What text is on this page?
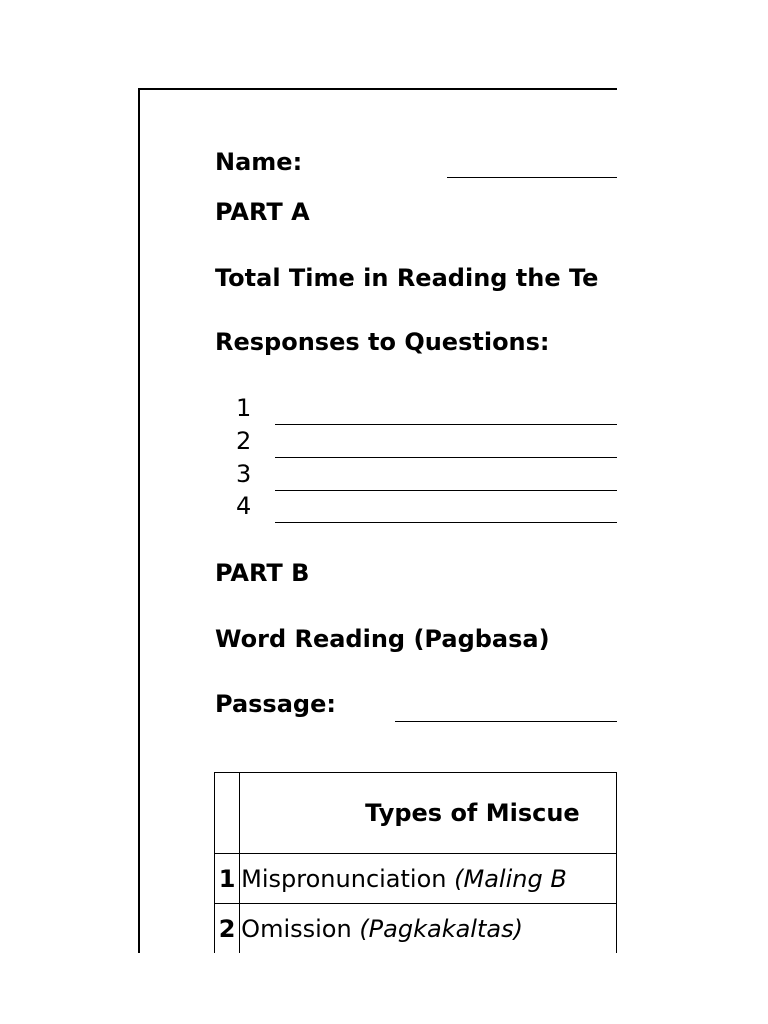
Name:
PART A
Total Time in Reading the Te
Responses to Questions:
1
2
3
4
PART B
Word Reading (Pagbasa)
Passage:
	Types of Miscue
1	Mispronunciation (Maling B
2	Omission (Pagkakaltas)
